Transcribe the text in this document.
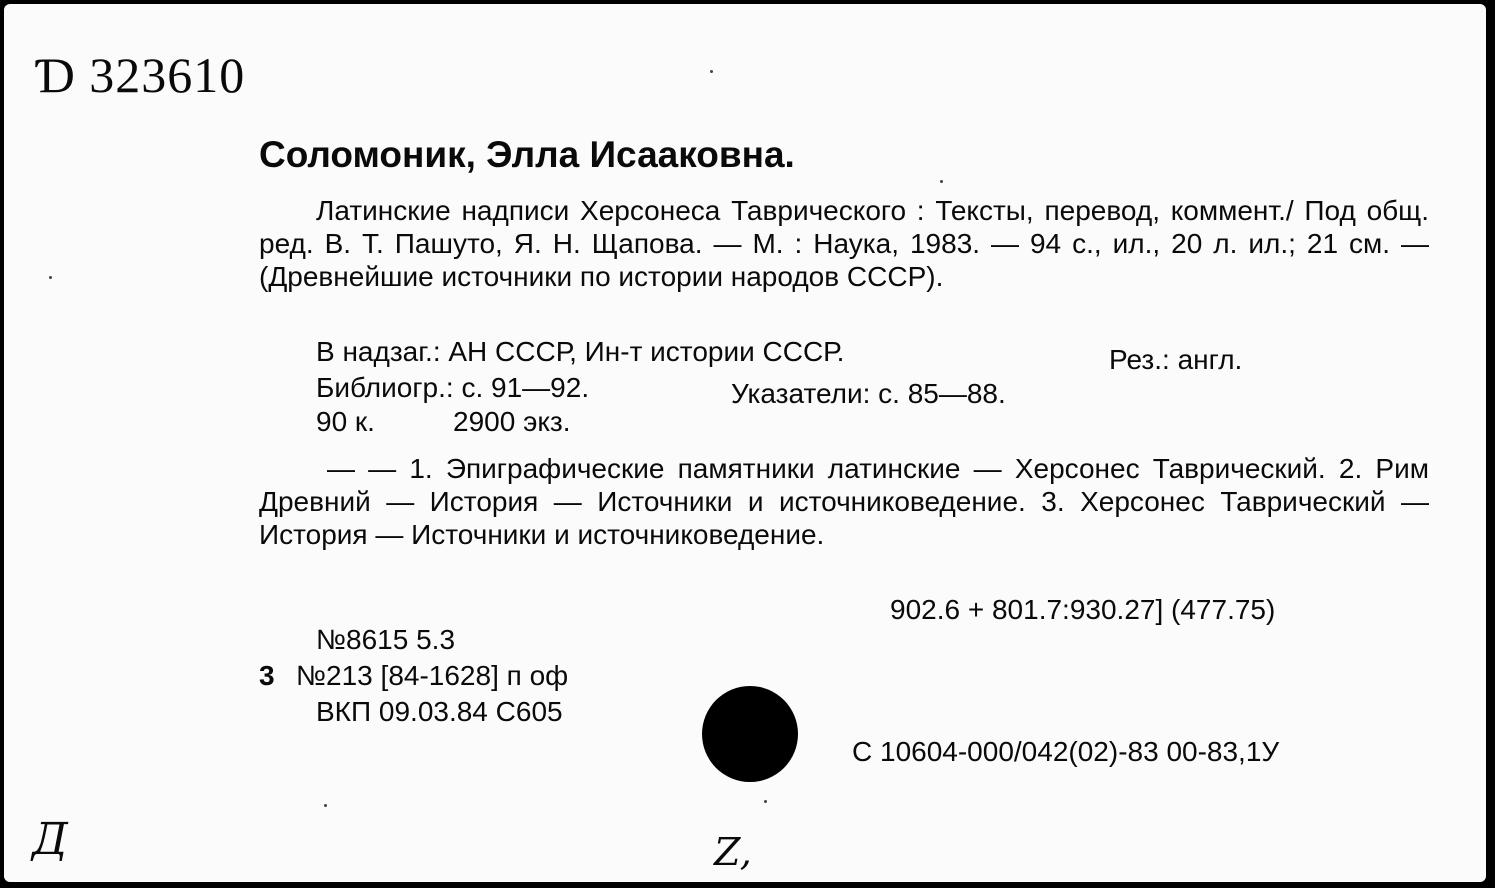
Ɗ 323610
Соломоник, Элла Исааковна.
Латинские надписи Херсонеса Таврического : Тексты, перевод, коммент./ Под общ. ред. В. Т. Пашуто, Я. Н. Щапова. — М. : Наука, 1983. — 94 с., ил., 20 л. ил.; 21 см. — (Древнейшие источники по истории народов СССР).
В надзаг.: АН СССР, Ин-т истории СССР.	Рез.: англ.
Библиогр.: с. 91—92.	Указатели: с. 85—88.
90 к.	2900 экз.
— — 1. Эпиграфические памятники латинские — Херсонес Таврический. 2. Рим Древний — История — Источники и источниковедение. 3. Херсонес Таврический — История — Источники и источниковедение.
902.6 + 801.7:930.27] (477.75)
№8615 5.3
3 №213 [84-1628] п оф
ВКП 09.03.84 С605
С 10604-000/042(02)-83 00-83,1У
Д	Z,
